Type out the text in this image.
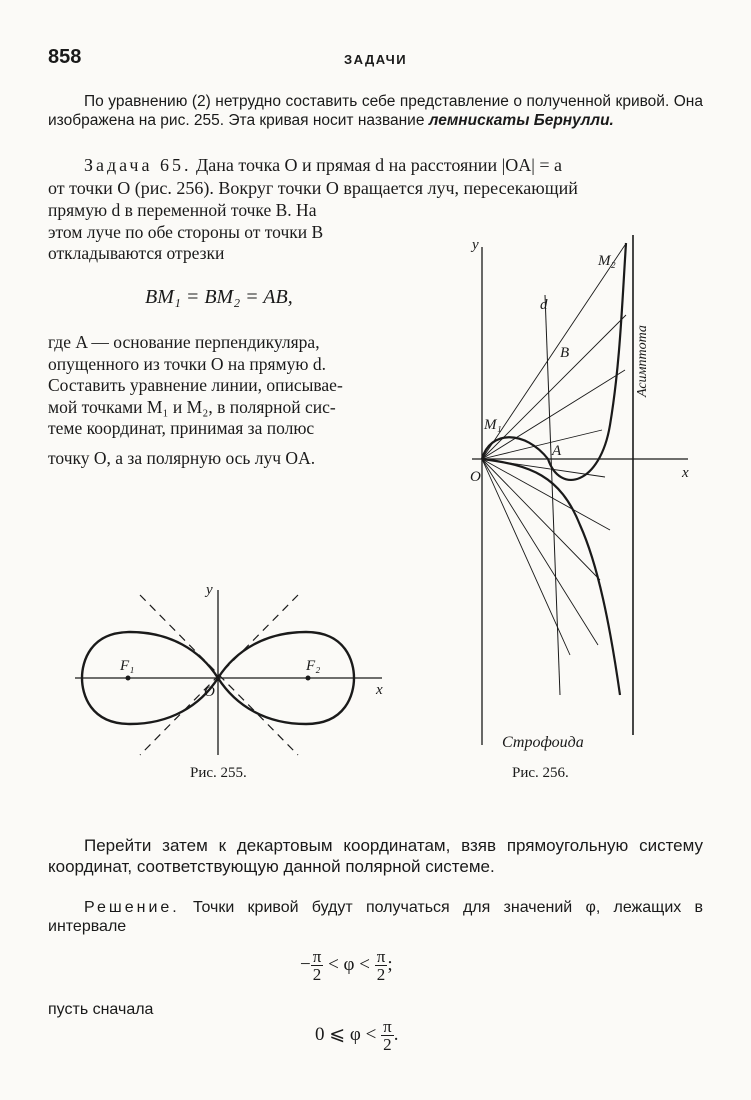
858	ЗАДАЧИ
По уравнению (2) нетрудно составить себе представление о полученной кривой. Она изображена на рис. 255. Эта кривая носит название лемнискаты Бернулли.
Задача 65. Дана точка O и прямая d на расстоянии |OA| = a
от точки O (рис. 256). Вокруг точки O вращается луч, пересекающий
прямую d в переменной точке B. На
этом луче по обе стороны от точки B
откладываются отрезки
BM₁ = BM₂ = AB,
где A — основание перпендикуляра,
опущенного из точки O на прямую d.
Составить уравнение линии, описывае-
мой точками M₁ и M₂, в полярной сис-
теме координат, принимая за полюс
точку O, а за полярную ось луч OA.
y
x
O
A
B
d
M₁
M₂
Асимптота
Строфоида
y
x
O
F₁	F₂
Рис. 255.	Рис. 256.
Перейти затем к декартовым координатам, взяв прямоугольную систему координат, соответствующую данной полярной системе.
Решение. Точки кривой будут получаться для значений φ, лежащих в интервале
− $\frac{\pi}{2} < \varphi < \frac{\pi}{2}$ ;
пусть сначала
0 ⩽ $\varphi < \frac{\pi}{2}$ .
